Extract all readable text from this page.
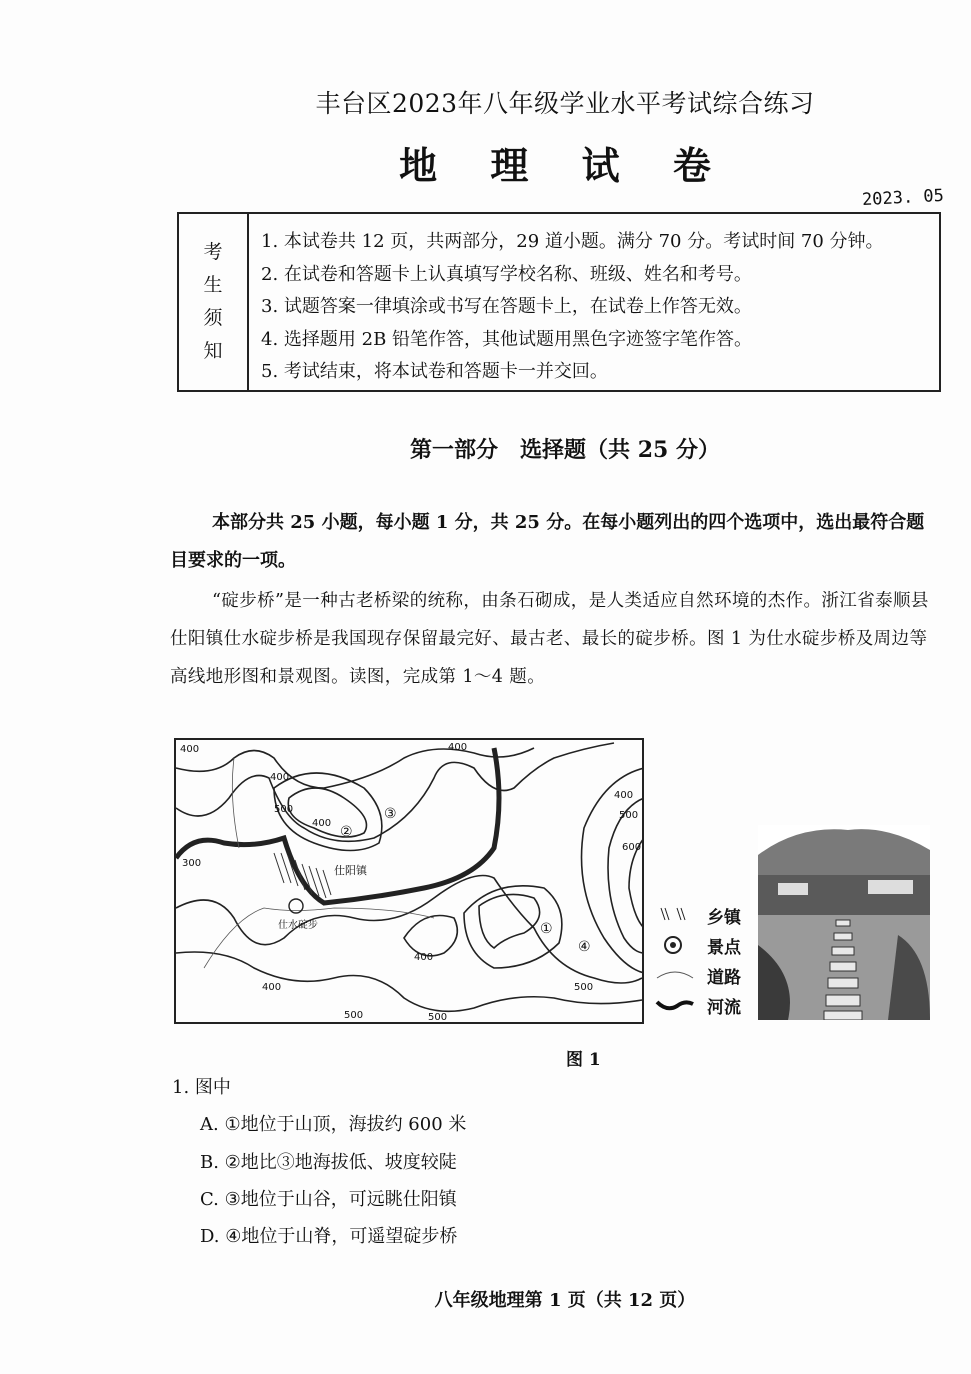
丰台区2023年八年级学业水平考试综合练习
地 理 试 卷
2023. 05
考
生
须
知
1. 本试卷共 12 页，共两部分，29 道小题。满分 70 分。考试时间 70 分钟。
2. 在试卷和答题卡上认真填写学校名称、班级、姓名和考号。
3. 试题答案一律填涂或书写在答题卡上，在试卷上作答无效。
4. 选择题用 2B 铅笔作答，其他试题用黑色字迹签字笔作答。
5. 考试结束，将本试卷和答题卡一并交回。
第一部分　选择题（共 25 分）
本部分共 25 小题，每小题 1 分，共 25 分。在每小题列出的四个选项中，选出最符合题目要求的一项。
“碇步桥”是一种古老桥梁的统称，由条石砌成，是人类适应自然环境的杰作。浙江省泰顺县仕阳镇仕水碇步桥是我国现存保留最完好、最古老、最长的碇步桥。图 1 为仕水碇步桥及周边等高线地形图和景观图。读图，完成第 1～4 题。
仕阳镇
仕水碇步	①
②
③
④
400
400
500
400
300
400
500
600
400
400
500
400
500
500
乡镇
景点
道路
河流
图 1
1. 图中
A. ①地位于山顶，海拔约 600 米
B. ②地比③地海拔低、坡度较陡
C. ③地位于山谷，可远眺仕阳镇
D. ④地位于山脊，可遥望碇步桥
八年级地理第 1 页（共 12 页）
